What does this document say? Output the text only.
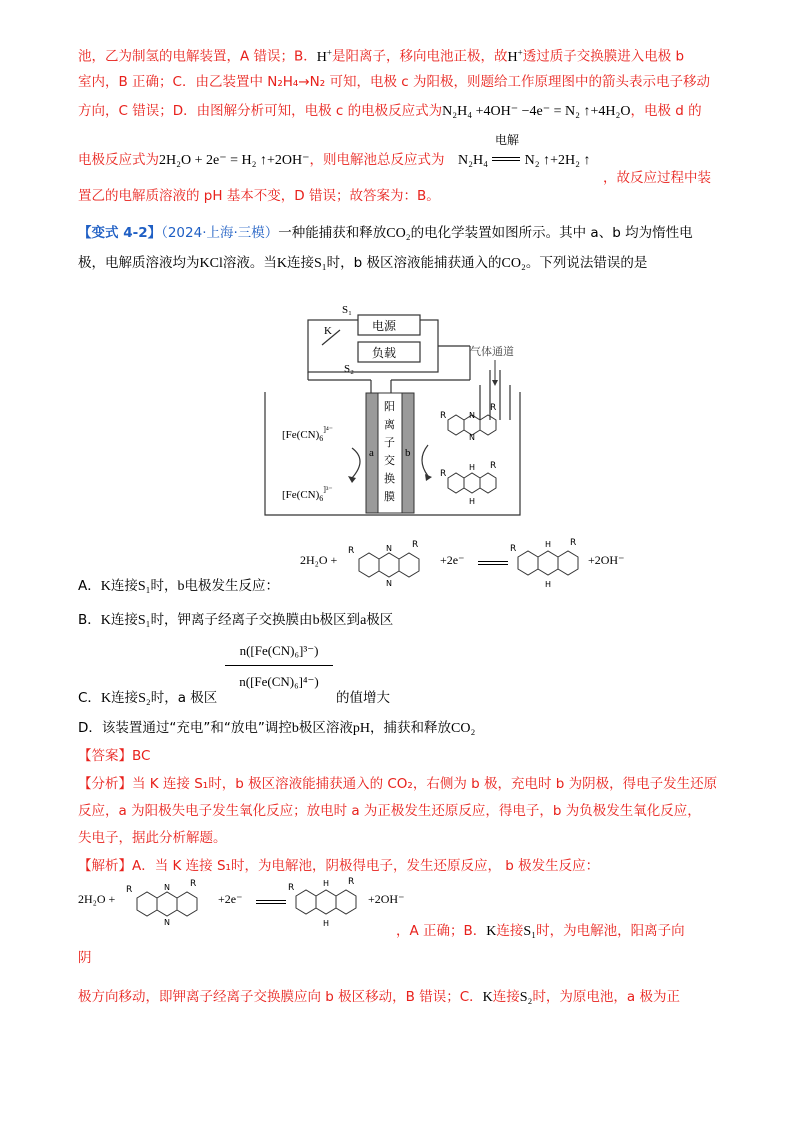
池，乙为制氢的电解装置，A 错误；B．H+是阳离子，移向电池正极，故H+透过质子交换膜进入电极 b
室内，B 正确；C．由乙装置中 N₂H₄→N₂ 可知，电极 c 为阳极，则题给工作原理图中的箭头表示电子移动
方向，C 错误；D．由图解分析可知，电极 c 的电极反应式为N₂H₄ +4OH⁻ −4e⁻ = N₂ ↑+4H₂O，电极 d 的
电解
电极反应式为2H₂O + 2e⁻ = H₂ ↑+2OH⁻，则电解池总反应式为 N₂H₄	N₂ ↑+2H₂ ↑
，故反应过程中装
置乙的电解质溶液的 pH 基本不变，D 错误；故答案为：B。
【变式 4-2】（2024·上海·三模）一种能捕获和释放CO₂的电化学装置如图所示。其中 a、b 均为惰性电
极，电解质溶液均为KCl溶液。当K连接S₁时，b 极区溶液能捕获通入的CO₂。下列说法错误的是
S₁
K
S₂
电源
负载	气体通道
a	b
阳
离
子
交
换
膜
[$Fe(CN)_6^{]^{4-}}$
[$Fe(CN)_6^{]^{3-}}$
R
R
N
N
R
R
H
H
2H₂O +
R
R
N
N
+2e⁻
R
R
H
H
+2OH⁻
A．K连接S₁时，b电极发生反应：
B．K连接S₁时，钾离子经离子交换膜由b极区到a极区
C．K连接S₂时，a 极区
n([Fe(CN)₆]³⁻)
n([Fe(CN)₆]⁴⁻)
的值增大
D．该装置通过“充电”和“放电”调控b极区溶液pH，捕获和释放CO₂
【答案】BC
【分析】当 K 连接 S₁时，b 极区溶液能捕获通入的 CO₂，右侧为 b 极，充电时 b 为阴极，得电子发生还原
反应，a 为阳极失电子发生氧化反应；放电时 a 为正极发生还原反应，得电子，b 为负极发生氧化反应，
失电子，据此分析解题。
【解析】A．当 K 连接 S₁时，为电解池，阴极得电子，发生还原反应， b 极发生反应：
2H₂O +
R
R
N
N
+2e⁻
R
R
H
H
+2OH⁻
，A 正确；B．K连接S₁时，为电解池，阳离子向
阴
极方向移动，即钾离子经离子交换膜应向 b 极区移动，B 错误；C．K连接S₂时，为原电池，a 极为正
